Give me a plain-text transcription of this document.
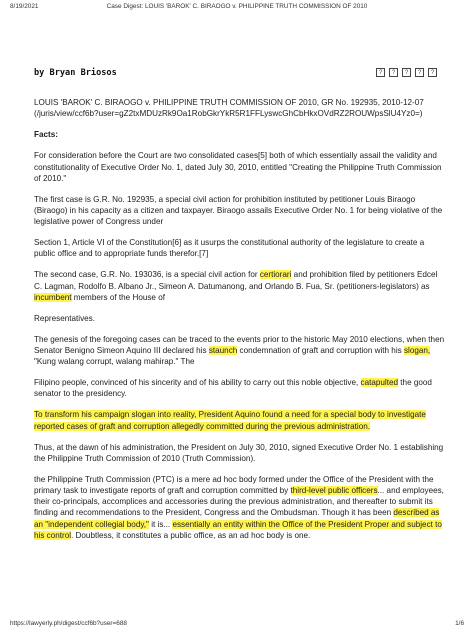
8/19/2021	Case Digest: LOUIS 'BAROK' C. BIRAOGO v. PHILIPPINE TRUTH COMMISSION OF 2010
by Bryan Briosos	?	?	?	?	?

LOUIS 'BAROK' C. BIRAOGO v. PHILIPPINE TRUTH COMMISSION OF 2010, GR No. 192935, 2010-12-07 (/juris/view/ccf6b?user=gZ2txMDUzRk9Oa1RobGkrYkR5R1FFLyswcGhCbHkxOVdRZ2ROUWpsSlU4Yz0=)

Facts:

For consideration before the Court are two consolidated cases[5] both of which essentially assail the validity and constitutionality of Executive Order No. 1, dated July 30, 2010, entitled "Creating the Philippine Truth Commission of 2010."

The first case is G.R. No. 192935, a special civil action for prohibition instituted by petitioner Louis Biraogo (Biraogo) in his capacity as a citizen and taxpayer. Biraogo assails Executive Order No. 1 for being violative of the legislative power of Congress under

Section 1, Article VI of the Constitution[6] as it usurps the constitutional authority of the legislature to create a public office and to appropriate funds therefor.[7]

The second case, G.R. No. 193036, is a special civil action for certiorari and prohibition filed by petitioners Edcel C. Lagman, Rodolfo B. Albano Jr., Simeon A. Datumanong, and Orlando B. Fua, Sr. (petitioners-legislators) as incumbent members of the House of

Representatives.

The genesis of the foregoing cases can be traced to the events prior to the historic May 2010 elections, when then Senator Benigno Simeon Aquino III declared his staunch condemnation of graft and corruption with his slogan, "Kung walang corrupt, walang mahirap." The

Filipino people, convinced of his sincerity and of his ability to carry out this noble objective, catapulted the good senator to the presidency.

To transform his campaign slogan into reality, President Aquino found a need for a special body to investigate reported cases of graft and corruption allegedly committed during the previous administration.

Thus, at the dawn of his administration, the President on July 30, 2010, signed Executive Order No. 1 establishing the Philippine Truth Commission of 2010 (Truth Commission).

the Philippine Truth Commission (PTC) is a mere ad hoc body formed under the Office of the President with the primary task to investigate reports of graft and corruption committed by third-level public officers... and employees, their co-principals, accomplices and accessories during the previous administration, and thereafter to submit its finding and recommendations to the President, Congress and the Ombudsman. Though it has been described as an "independent collegial body," it is... essentially an entity within the Office of the President Proper and subject to his control. Doubtless, it constitutes a public office, as an ad hoc body is one.

https://lawyerly.ph/digest/ccf6b?user=688	1/6
